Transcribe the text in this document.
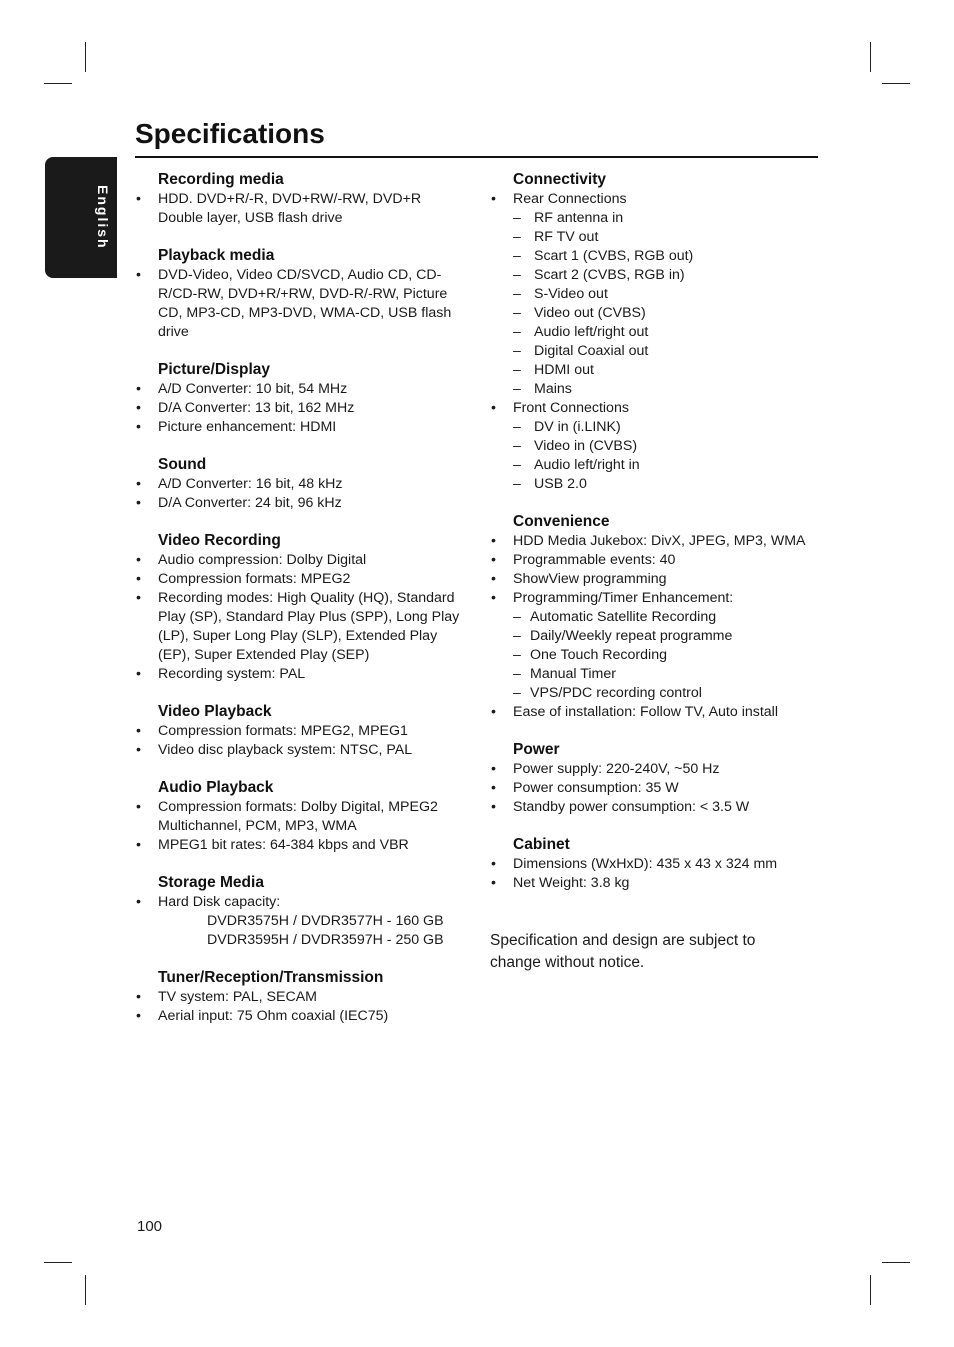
English
Specifications
Recording media
• HDD. DVD+R/-R, DVD+RW/-RW, DVD+R Double layer, USB flash drive
Playback media
• DVD-Video, Video CD/SVCD, Audio CD, CD-R/CD-RW, DVD+R/+RW, DVD-R/-RW, Picture CD, MP3-CD, MP3-DVD, WMA-CD, USB flash drive
Picture/Display
• A/D Converter: 10 bit, 54 MHz
• D/A Converter: 13 bit, 162 MHz
• Picture enhancement: HDMI
Sound
• A/D Converter: 16 bit, 48 kHz
• D/A Converter: 24 bit, 96 kHz
Video Recording
• Audio compression: Dolby Digital
• Compression formats: MPEG2
• Recording modes: High Quality (HQ), Standard Play (SP), Standard Play Plus (SPP), Long Play (LP), Super Long Play (SLP), Extended Play (EP), Super Extended Play (SEP)
• Recording system: PAL
Video Playback
• Compression formats: MPEG2, MPEG1
• Video disc playback system: NTSC, PAL
Audio Playback
• Compression formats: Dolby Digital, MPEG2 Multichannel, PCM, MP3, WMA
• MPEG1 bit rates: 64-384 kbps and VBR
Storage Media
• Hard Disk capacity:
DVDR3575H / DVDR3577H - 160 GB
DVDR3595H / DVDR3597H - 250 GB
Tuner/Reception/Transmission
• TV system: PAL, SECAM
• Aerial input: 75 Ohm coaxial (IEC75)
Connectivity
• Rear Connections
– RF antenna in
– RF TV out
– Scart 1 (CVBS, RGB out)
– Scart 2 (CVBS, RGB in)
– S-Video out
– Video out (CVBS)
– Audio left/right out
– Digital Coaxial out
– HDMI out
– Mains
• Front Connections
– DV in (i.LINK)
– Video in (CVBS)
– Audio left/right in
– USB 2.0
Convenience
• HDD Media Jukebox: DivX, JPEG, MP3, WMA
• Programmable events: 40
• ShowView programming
• Programming/Timer Enhancement:
– Automatic Satellite Recording
– Daily/Weekly repeat programme
– One Touch Recording
– Manual Timer
– VPS/PDC recording control
• Ease of installation: Follow TV, Auto install
Power
• Power supply: 220-240V, ~50 Hz
• Power consumption: 35 W
• Standby power consumption: < 3.5 W
Cabinet
• Dimensions (WxHxD): 435 x 43 x 324 mm
• Net Weight: 3.8 kg
Specification and design are subject to change without notice.
100
